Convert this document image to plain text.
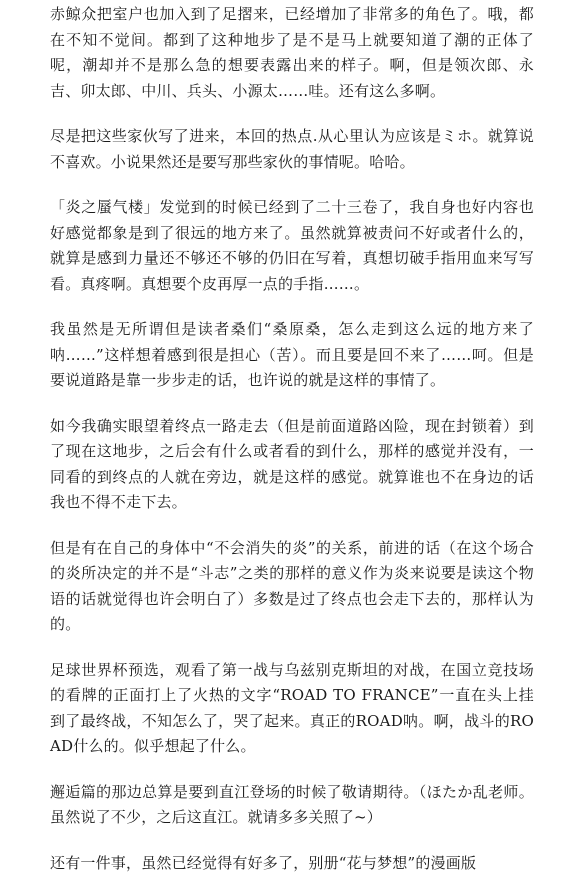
赤鲸众把室户也加入到了足摺来，已经增加了非常多的角色了。哦，都在不知不觉间。都到了这种地步了是不是马上就要知道了潮的正体了呢，潮却并不是那么急的想要表露出来的样子。啊，但是领次郎、永吉、卯太郎、中川、兵头、小源太……哇。还有这么多啊。

尽是把这些家伙写了进来，本回的热点.从心里认为应该是ミホ。就算说不喜欢。小说果然还是要写那些家伙的事情呢。哈哈。

「炎之蜃气楼」发觉到的时候已经到了二十三卷了，我自身也好内容也好感觉都象是到了很远的地方来了。虽然就算被责问不好或者什么的，就算是感到力量还不够还不够的仍旧在写着，真想切破手指用血来写写看。真疼啊。真想要个皮再厚一点的手指……。

我虽然是无所谓但是读者桑们“桑原桑，怎么走到这么远的地方来了呐……”这样想着感到很是担心（苦）。而且要是回不来了……呵。但是要说道路是靠一步步走的话，也许说的就是这样的事情了。

如今我确实眼望着终点一路走去（但是前面道路凶险，现在封锁着）到了现在这地步，之后会有什么或者看的到什么，那样的感觉并没有，一同看的到终点的人就在旁边，就是这样的感觉。就算谁也不在身边的话我也不得不走下去。

但是有在自己的身体中“不会消失的炎”的关系，前进的话（在这个场合的炎所决定的并不是“斗志”之类的那样的意义作为炎来说要是读这个物语的话就觉得也许会明白了）多数是过了终点也会走下去的，那样认为的。

足球世界杯预选，观看了第一战与乌兹别克斯坦的对战，在国立竞技场的看牌的正面打上了火热的文字“ROAD TO FRANCE”一直在头上挂到了最终战，不知怎么了，哭了起来。真正的ROAD呐。啊，战斗的ROAD什么的。似乎想起了什么。

邂逅篇的那边总算是要到直江登场的时候了敬请期待。（ほたか乱老师。虽然说了不少，之后这直江。就请多多关照了~）

还有一件事，虽然已经觉得有好多了，别册“花与梦想”的漫画版
